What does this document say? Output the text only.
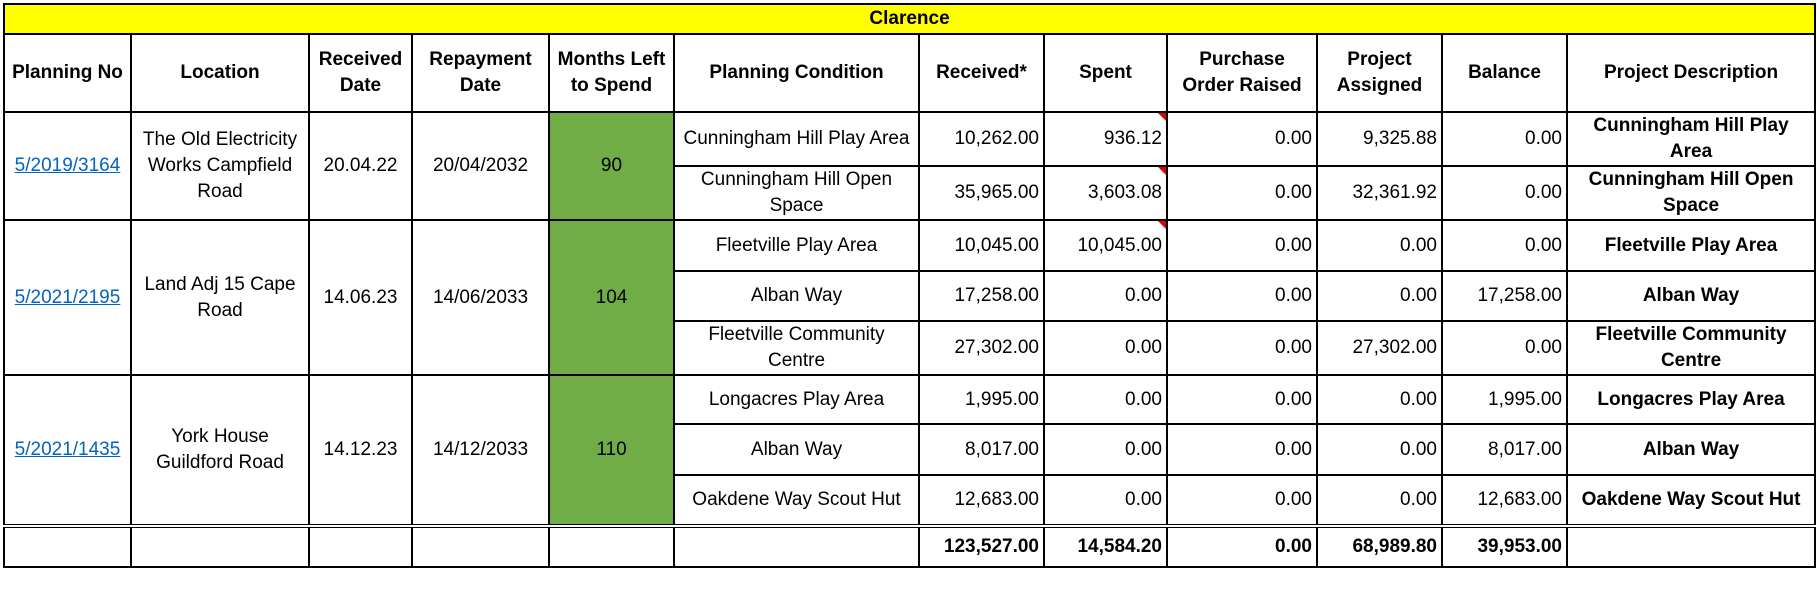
Clarence											
Planning No	Location	Received Date	Repayment Date	Months Left to Spend	Planning Condition	Received*	Spent	Purchase Order Raised	Project Assigned	Balance	Project Description
5/2019/3164	The Old Electricity Works Campfield Road	20.04.22	20/04/2032	90	Cunningham Hill Play Area	10,262.00	936.12	0.00	9,325.88	0.00	Cunningham Hill Play Area
					Cunningham Hill Open Space	35,965.00	3,603.08	0.00	32,361.92	0.00	Cunningham Hill Open Space
5/2021/2195	Land Adj 15 Cape Road	14.06.23	14/06/2033	104	Fleetville Play Area	10,045.00	10,045.00	0.00	0.00	0.00	Fleetville Play Area
					Alban Way	17,258.00	0.00	0.00	0.00	17,258.00	Alban Way
					Fleetville Community Centre	27,302.00	0.00	0.00	27,302.00	0.00	Fleetville Community Centre
5/2021/1435	York House Guildford Road	14.12.23	14/12/2033	110	Longacres Play Area	1,995.00	0.00	0.00	0.00	1,995.00	Longacres Play Area
					Alban Way	8,017.00	0.00	0.00	0.00	8,017.00	Alban Way
					Oakdene Way Scout Hut	12,683.00	0.00	0.00	0.00	12,683.00	Oakdene Way Scout Hut
						123,527.00	14,584.20	0.00	68,989.80	39,953.00	
